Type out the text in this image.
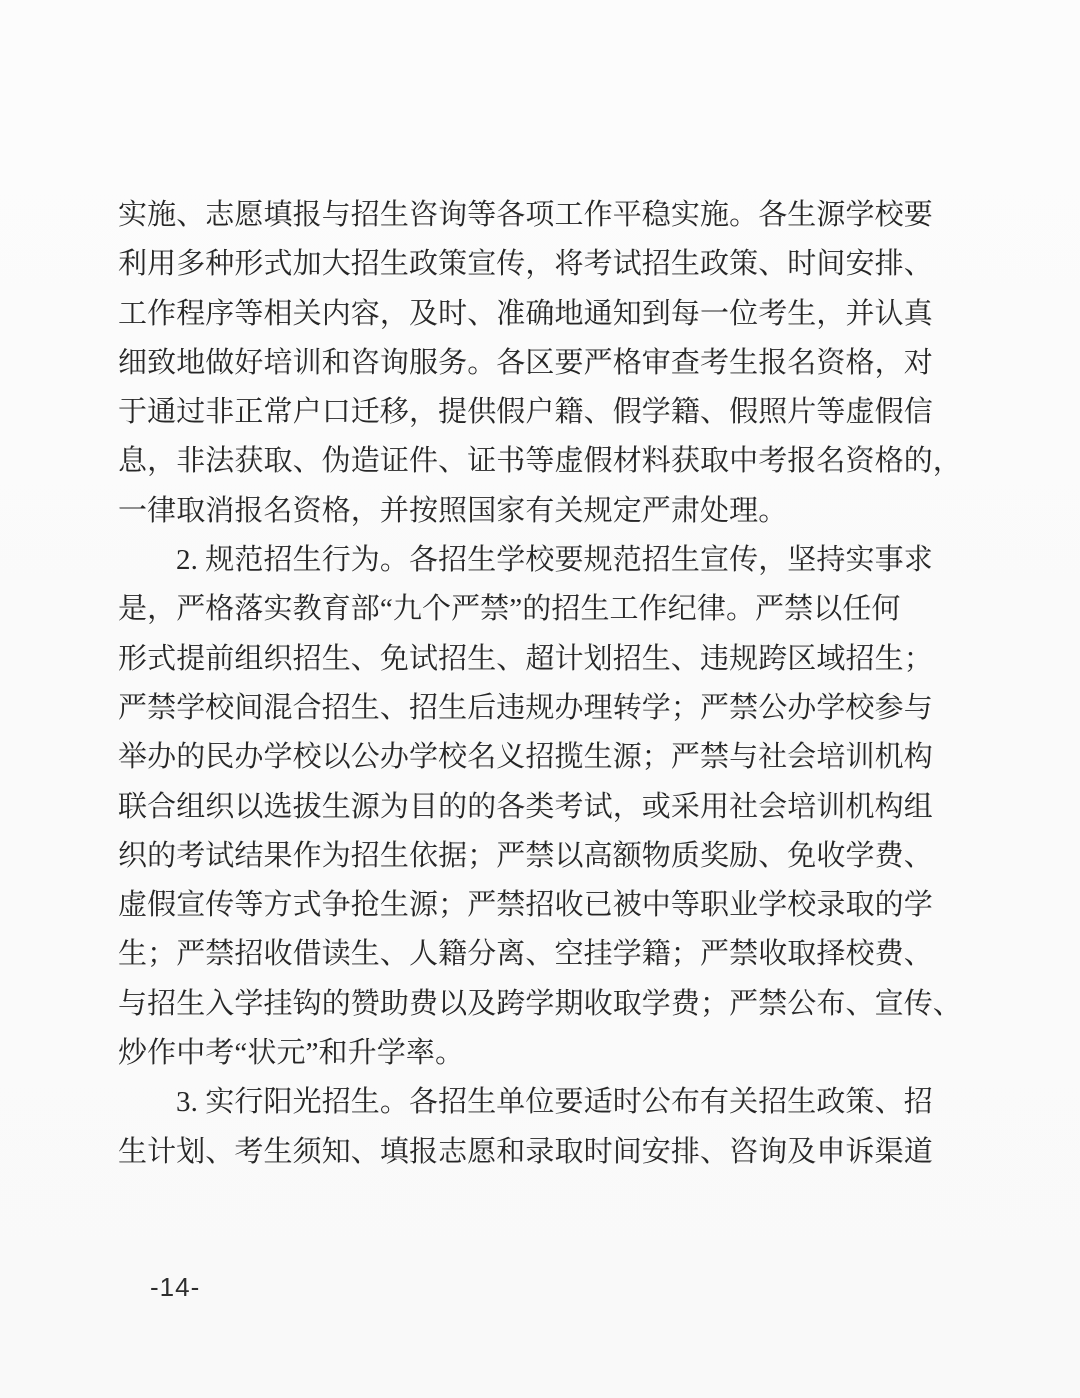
实施、志愿填报与招生咨询等各项工作平稳实施。各生源学校要
利用多种形式加大招生政策宣传，将考试招生政策、时间安排、
工作程序等相关内容，及时、准确地通知到每一位考生，并认真
细致地做好培训和咨询服务。各区要严格审查考生报名资格，对
于通过非正常户口迁移，提供假户籍、假学籍、假照片等虚假信
息，非法获取、伪造证件、证书等虚假材料获取中考报名资格的，
一律取消报名资格，并按照国家有关规定严肃处理。
2. 规范招生行为。各招生学校要规范招生宣传，坚持实事求
是，严格落实教育部“九个严禁”的招生工作纪律。严禁以任何
形式提前组织招生、免试招生、超计划招生、违规跨区域招生；
严禁学校间混合招生、招生后违规办理转学；严禁公办学校参与
举办的民办学校以公办学校名义招揽生源；严禁与社会培训机构
联合组织以选拔生源为目的的各类考试，或采用社会培训机构组
织的考试结果作为招生依据；严禁以高额物质奖励、免收学费、
虚假宣传等方式争抢生源；严禁招收已被中等职业学校录取的学
生；严禁招收借读生、人籍分离、空挂学籍；严禁收取择校费、
与招生入学挂钩的赞助费以及跨学期收取学费；严禁公布、宣传、
炒作中考“状元”和升学率。
3. 实行阳光招生。各招生单位要适时公布有关招生政策、招
生计划、考生须知、填报志愿和录取时间安排、咨询及申诉渠道
-14-
